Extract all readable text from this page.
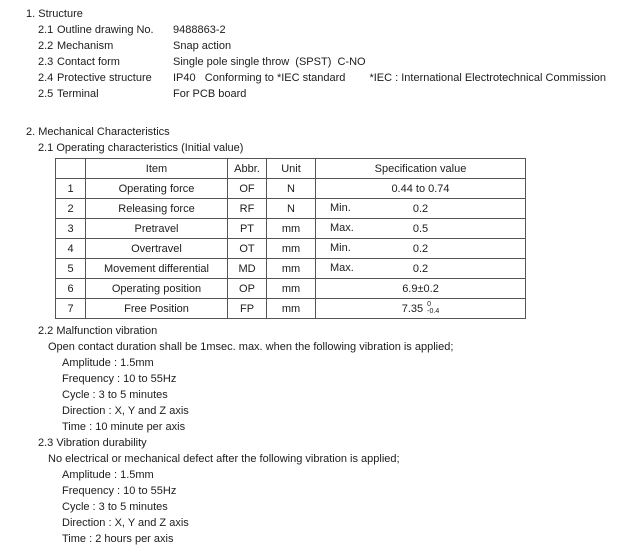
1. Structure
2.1 Outline drawing No.	9488863-2
2.2 Mechanism	Snap action
2.3 Contact form	Single pole single throw  (SPST)  C-NO
2.4 Protective structure	IP40   Conforming to *IEC standard *IEC : International Electrotechnical Commission
2.5 Terminal	For PCB board
2. Mechanical Characteristics
2.1 Operating characteristics (Initial value)
	Item	Abbr.	Unit	Specification value
1	Operating force	OF	N	0.44 to 0.74
2	Releasing force	RF	N	Min. 0.2
3	Pretravel	PT	mm	Max. 0.5
4	Overtravel	OT	mm	Min. 0.2
5	Movement differential	MD	mm	Max. 0.2
6	Operating position	OP	mm	6.9±0.2
7	Free Position	FP	mm	7.35 0
-0.4
2.2 Malfunction vibration
Open contact duration shall be 1msec. max. when the following vibration is applied;
Amplitude : 1.5mm
Frequency : 10 to 55Hz
Cycle : 3 to 5 minutes
Direction : X, Y and Z axis
Time : 10 minute per axis
2.3 Vibration durability
No electrical or mechanical defect after the following vibration is applied;
Amplitude : 1.5mm
Frequency : 10 to 55Hz
Cycle : 3 to 5 minutes
Direction : X, Y and Z axis
Time : 2 hours per axis
